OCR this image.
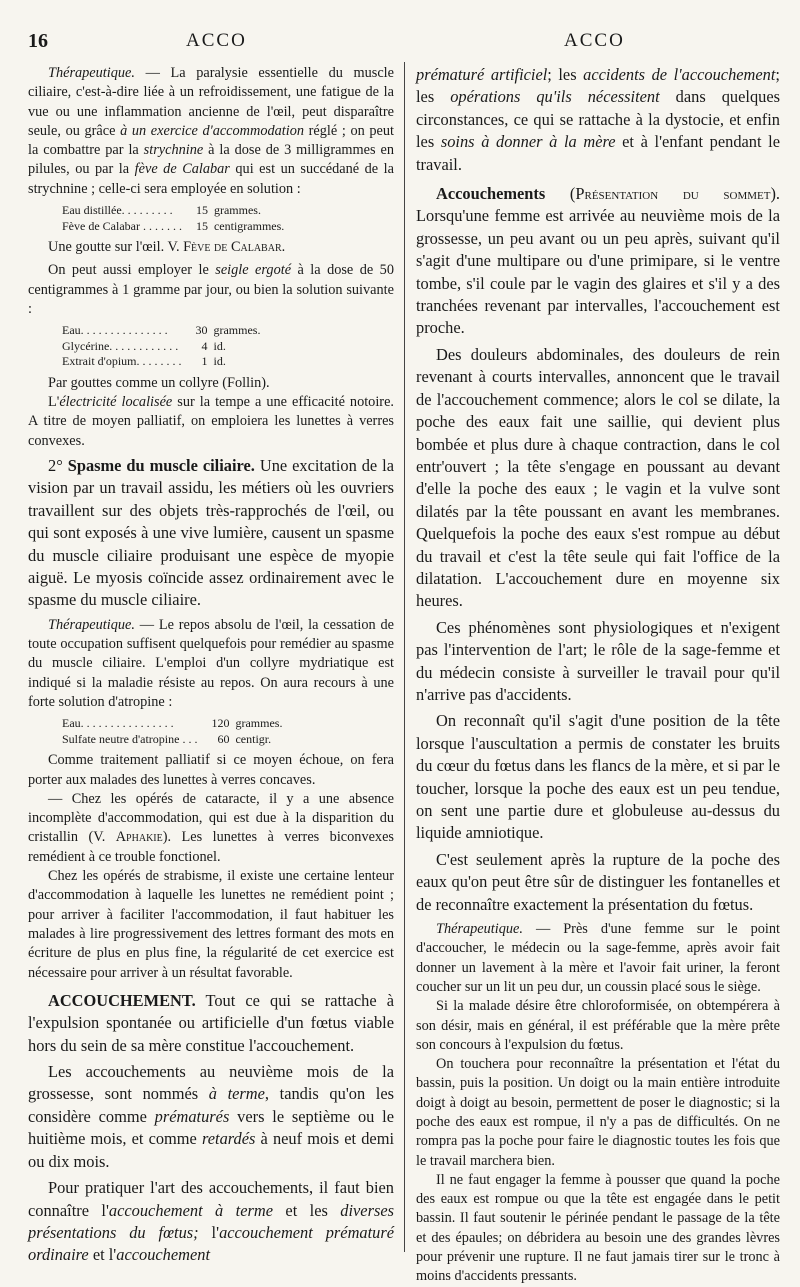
16	ACCO	ACCO

Thérapeutique. — La paralysie essentielle du muscle ciliaire, c'est-à-dire liée à un refroidissement, une fatigue de la vue ou une inflammation ancienne de l'œil, peut disparaître seule, ou grâce à un exercice d'accommodation réglé ; on peut la combattre par la strychnine à la dose de 3 milligrammes en pilules, ou par la fève de Calabar qui est un succédané de la strychnine ; celle-ci sera employée en solution :

Eau distillée. . . . . . . . .	15	grammes.
Fève de Calabar . . . . . . .	15	centigrammes.

Une goutte sur l'œil. V. Fève de Calabar.

On peut aussi employer le seigle ergoté à la dose de 50 centigrammes à 1 gramme par jour, ou bien la solution suivante :

Eau. . . . . . . . . . . . . . .	30	grammes.
Glycérine. . . . . . . . . . . .	4	id.
Extrait d'opium. . . . . . . .	1	id.

Par gouttes comme un collyre (Follin).

L'électricité localisée sur la tempe a une efficacité notoire. A titre de moyen palliatif, on emploiera les lunettes à verres convexes.

2° Spasme du muscle ciliaire. Une excitation de la vision par un travail assidu, les métiers où les ouvriers travaillent sur des objets très-rapprochés de l'œil, ou qui sont exposés à une vive lumière, causent un spasme du muscle ciliaire produisant une espèce de myopie aiguë. Le myosis coïncide assez ordinairement avec le spasme du muscle ciliaire.

Thérapeutique. — Le repos absolu de l'œil, la cessation de toute occupation suffisent quelquefois pour remédier au spasme du muscle ciliaire. L'emploi d'un collyre mydriatique est indiqué si la maladie résiste au repos. On aura recours à une forte solution d'atropine :

Eau. . . . . . . . . . . . . . . .	120	grammes.
Sulfate neutre d'atropine . . .	60	centigr.

Comme traitement palliatif si ce moyen échoue, on fera porter aux malades des lunettes à verres concaves.

— Chez les opérés de cataracte, il y a une absence incomplète d'accommodation, qui est due à la disparition du cristallin (V. Aphakie). Les lunettes à verres biconvexes remédient à ce trouble fonctionel.

Chez les opérés de strabisme, il existe une certaine lenteur d'accommodation à laquelle les lunettes ne remédient point ; pour arriver à faciliter l'accommodation, il faut habituer les malades à lire progressivement des lettres formant des mots en écriture de plus en plus fine, la régularité de cet exercice est nécessaire pour arriver à un résultat favorable.

ACCOUCHEMENT. Tout ce qui se rattache à l'expulsion spontanée ou artificielle d'un fœtus viable hors du sein de sa mère constitue l'accouchement.

Les accouchements au neuvième mois de la grossesse, sont nommés à terme, tandis qu'on les considère comme prématurés vers le septième ou le huitième mois, et comme retardés à neuf mois et demi ou dix mois.

Pour pratiquer l'art des accouchements, il faut bien connaître l'accouchement à terme et les diverses présentations du fœtus; l'accouchement prématuré ordinaire et l'accouchement

prématuré artificiel; les accidents de l'accouchement; les opérations qu'ils nécessitent dans quelques circonstances, ce qui se rattache à la dystocie, et enfin les soins à donner à la mère et à l'enfant pendant le travail.

Accouchements (Présentation du sommet). Lorsqu'une femme est arrivée au neuvième mois de la grossesse, un peu avant ou un peu après, suivant qu'il s'agit d'une multipare ou d'une primipare, si le ventre tombe, s'il coule par le vagin des glaires et s'il y a des tranchées revenant par intervalles, l'accouchement est proche.

Des douleurs abdominales, des douleurs de rein revenant à courts intervalles, annoncent que le travail de l'accouchement commence; alors le col se dilate, la poche des eaux fait une saillie, qui devient plus bombée et plus dure à chaque contraction, dans le col entr'ouvert ; la tête s'engage en poussant au devant d'elle la poche des eaux ; le vagin et la vulve sont dilatés par la tête poussant en avant les membranes. Quelquefois la poche des eaux s'est rompue au début du travail et c'est la tête seule qui fait l'office de la dilatation. L'accouchement dure en moyenne six heures.

Ces phénomènes sont physiologiques et n'exigent pas l'intervention de l'art; le rôle de la sage-femme et du médecin consiste à surveiller le travail pour qu'il n'arrive pas d'accidents.

On reconnaît qu'il s'agit d'une position de la tête lorsque l'auscultation a permis de constater les bruits du cœur du fœtus dans les flancs de la mère, et si par le toucher, lorsque la poche des eaux est un peu tendue, on sent une partie dure et globuleuse au-dessus du liquide amniotique.

C'est seulement après la rupture de la poche des eaux qu'on peut être sûr de distinguer les fontanelles et de reconnaître exactement la présentation du fœtus.

Thérapeutique. — Près d'une femme sur le point d'accoucher, le médecin ou la sage-femme, après avoir fait donner un lavement à la mère et l'avoir fait uriner, la feront coucher sur un lit un peu dur, un coussin placé sous le siège.

Si la malade désire être chloroformisée, on obtempérera à son désir, mais en général, il est préférable que la mère prête son concours à l'expulsion du fœtus.

On touchera pour reconnaître la présentation et l'état du bassin, puis la position. Un doigt ou la main entière introduite doigt à doigt au besoin, permettent de poser le diagnostic; si la poche des eaux est rompue, il n'y a pas de difficultés. On ne rompra pas la poche pour faire le diagnostic toutes les fois que le travail marchera bien.

Il ne faut engager la femme à pousser que quand la poche des eaux est rompue ou que la tête est engagée dans le petit bassin. Il faut soutenir le périnée pendant le passage de la tête et des épaules; on débridera au besoin une des grandes lèvres pour prévenir une rupture. Il ne faut jamais tirer sur le tronc à moins d'accidents pressants.
